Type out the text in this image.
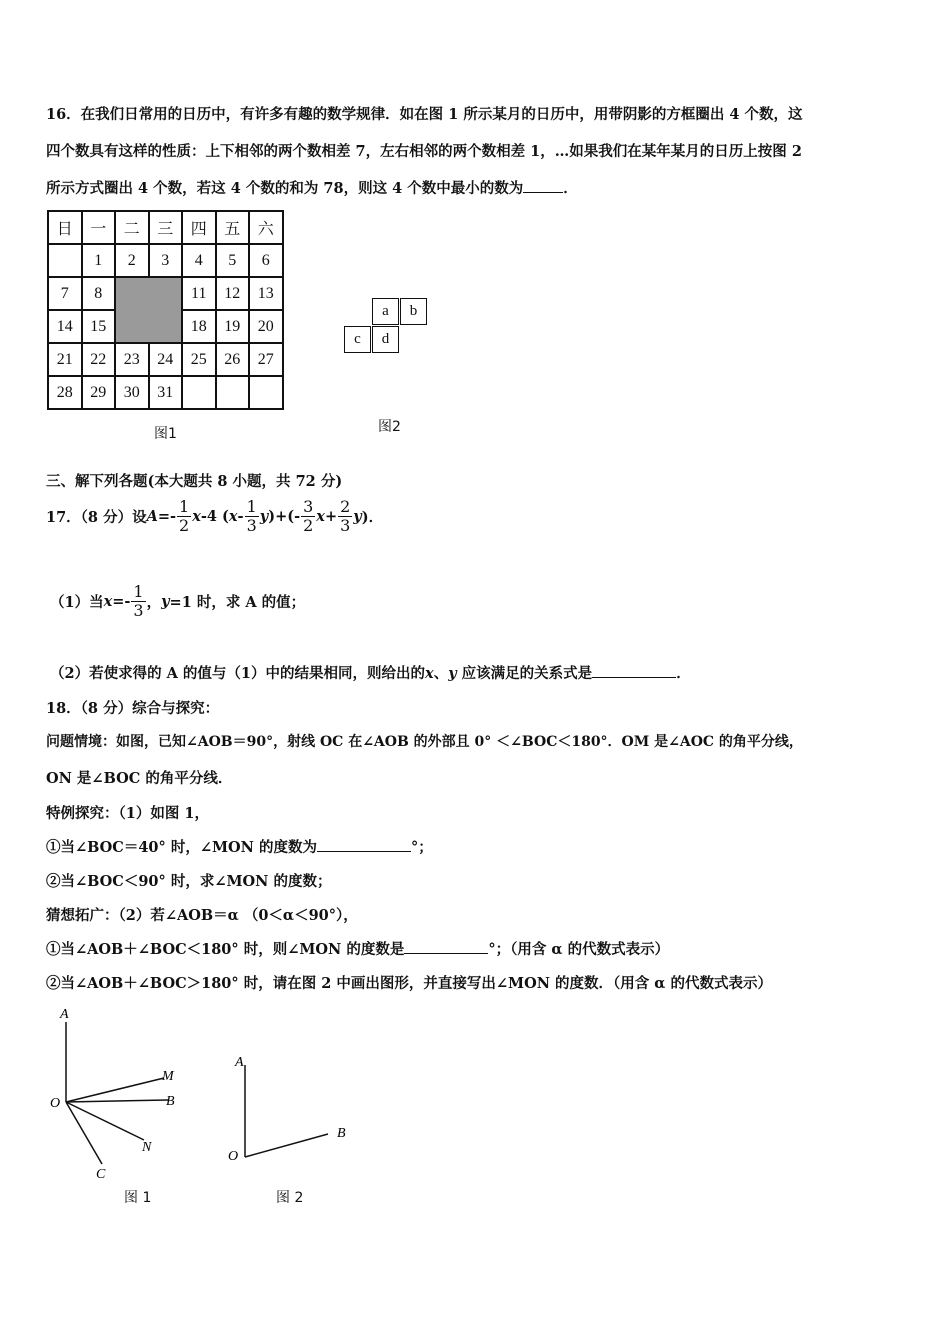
16．在我们日常用的日历中，有许多有趣的数学规律．如在图 1 所示某月的日历中，用带阴影的方框圈出 4 个数，这
四个数具有这样的性质：上下相邻的两个数相差 7，左右相邻的两个数相差 1，…如果我们在某年某月的日历上按图 2
所示方式圈出 4 个数，若这 4 个数的和为 78，则这 4 个数中最小的数为	．
日	一	二	三	四	五	六
	1	2	3	4	5	6
7	8			11	12	13
14	15			18	19	20
21	22	23	24	25	26	27
28	29	30	31			
图1
a	b
c	d
图2
三、解下列各题(本大题共 8 小题，共 72 分)
17．（8 分）设 $A =- \frac{1}{2}$ x -4 ( x - $\frac{1}{3}$ y )+(- $\frac{3}{2}$ $x + \frac{2}{3}$ y )．
（1）当 $x =- \frac{1}{3}$ ， y =1 时，求 A 的值；
（2）若使求得的 A 的值与（1）中的结果相同，则给出的x、y 应该满足的关系式是	．
18．（8 分）综合与探究：
问题情境：如图，已知∠AOB＝90°，射线 OC 在∠AOB 的外部且 0° ＜∠BOC＜180°．OM 是∠AOC 的角平分线，
ON 是∠BOC 的角平分线．
特例探究：（1）如图 1，
①当∠BOC＝40° 时，∠MON 的度数为	°；
②当∠BOC＜90° 时，求∠MON 的度数；
猜想拓广：（2）若∠AOB＝α （0＜α＜90°），
①当∠AOB＋∠BOC＜180° 时，则∠MON 的度数是	°；（用含 α 的代数式表示）
②当∠AOB＋∠BOC＞180° 时，请在图 2 中画出图形，并直接写出∠MON 的度数．（用含 α 的代数式表示）
A
M
O	B
N
C
图 1
A
O
B
图 2
